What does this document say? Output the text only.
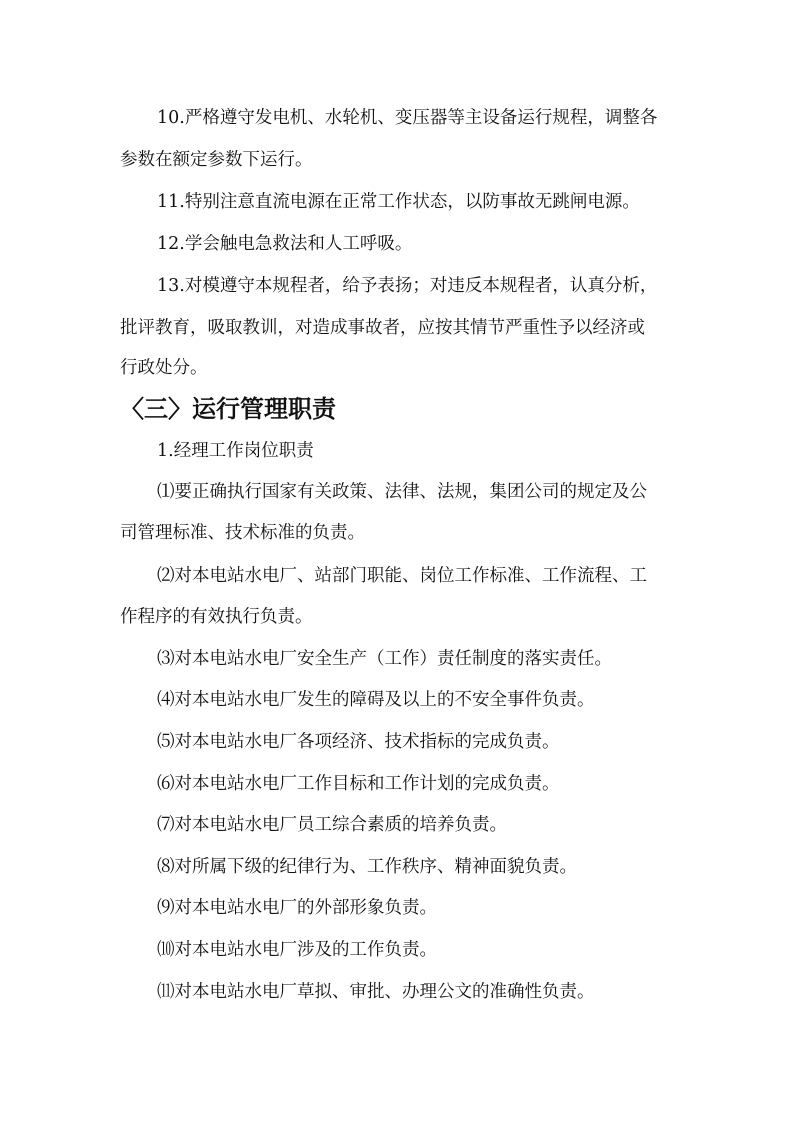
10.严格遵守发电机、水轮机、变压器等主设备运行规程，调整各
参数在额定参数下运行。
11.特别注意直流电源在正常工作状态，以防事故无跳闸电源。
12.学会触电急救法和人工呼吸。
13.对模遵守本规程者，给予表扬；对违反本规程者，认真分析，
批评教育，吸取教训，对造成事故者，应按其情节严重性予以经济或
行政处分。
〈三〉运行管理职责
1.经理工作岗位职责
⑴要正确执行国家有关政策、法律、法规，集团公司的规定及公
司管理标准、技术标准的负责。
⑵对本电站水电厂、站部门职能、岗位工作标准、工作流程、工
作程序的有效执行负责。
⑶对本电站水电厂安全生产（工作）责任制度的落实责任。
⑷对本电站水电厂发生的障碍及以上的不安全事件负责。
⑸对本电站水电厂各项经济、技术指标的完成负责。
⑹对本电站水电厂工作目标和工作计划的完成负责。
⑺对本电站水电厂员工综合素质的培养负责。
⑻对所属下级的纪律行为、工作秩序、精神面貌负责。
⑼对本电站水电厂的外部形象负责。
⑽对本电站水电厂涉及的工作负责。
⑾对本电站水电厂草拟、审批、办理公文的准确性负责。
